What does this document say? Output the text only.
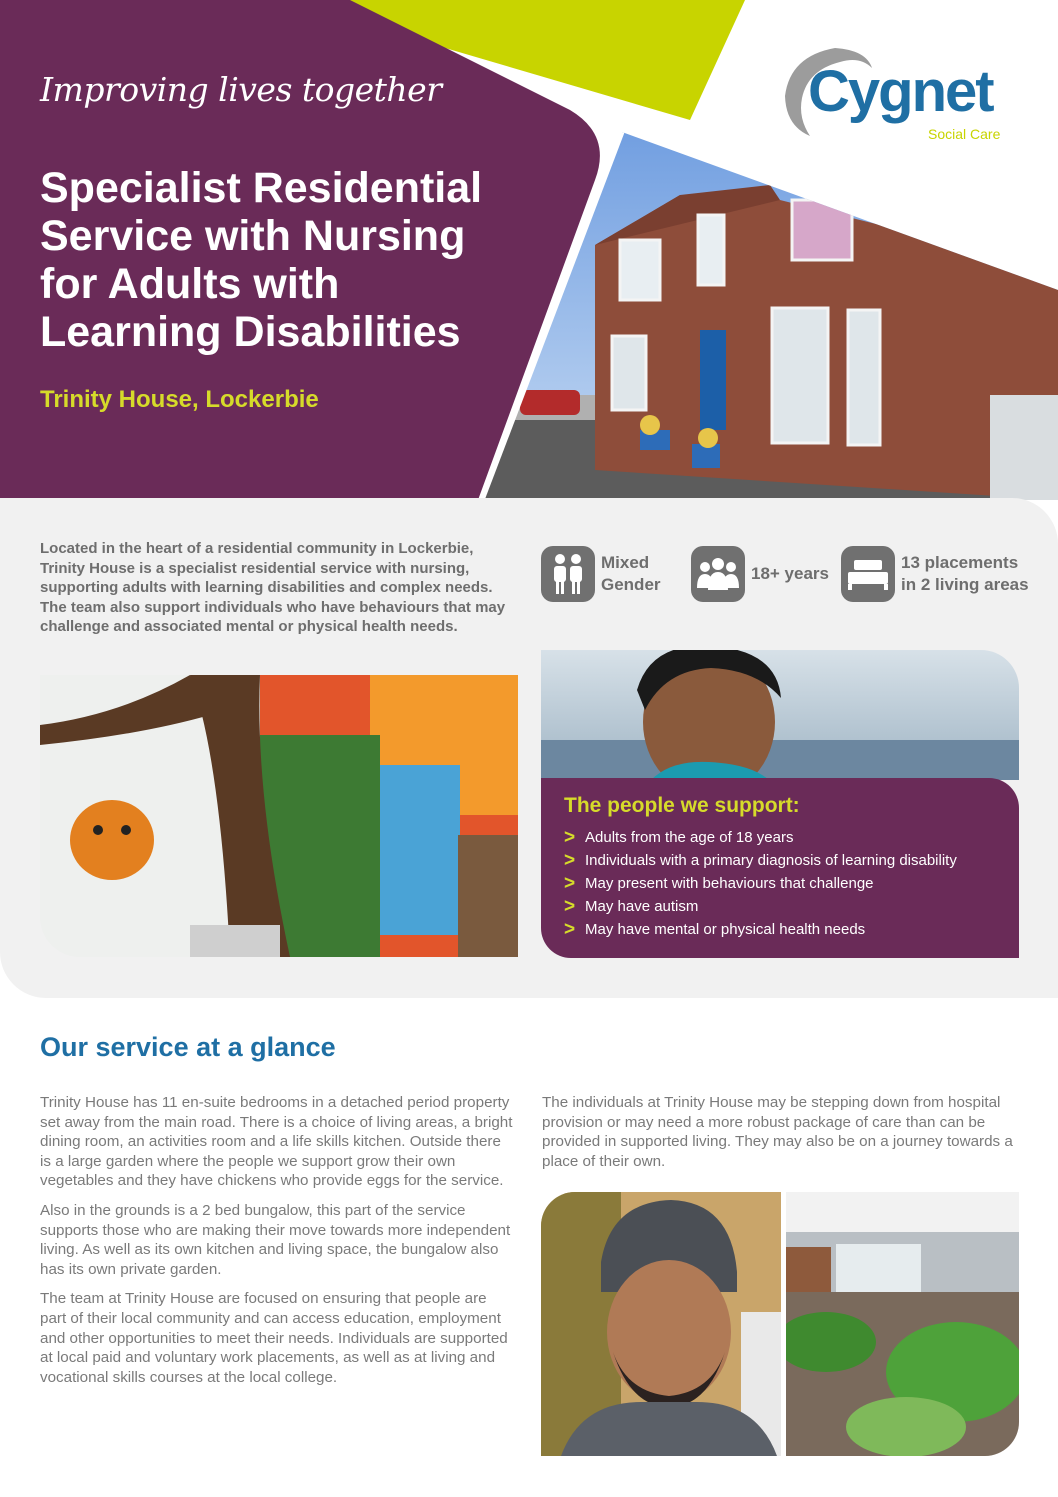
Improving lives together
Specialist Residential Service with Nursing for Adults with Learning Disabilities
Trinity House, Lockerbie
Cygnet
Social Care
Located in the heart of a residential community in Lockerbie, Trinity House is a specialist residential service with nursing, supporting adults with learning disabilities and complex needs. The team also support individuals who have behaviours that may challenge and associated mental or physical health needs.
Mixed
Gender
18+ years
13 placements
in 2 living areas
The people we support:
> Adults from the age of 18 years
> Individuals with a primary diagnosis of learning disability
> May present with behaviours that challenge
> May have autism
> May have mental or physical health needs
Our service at a glance

Trinity House has 11 en-suite bedrooms in a detached period property set away from the main road. There is a choice of living areas, a bright dining room, an activities room and a life skills kitchen. Outside there is a large garden where the people we support grow their own vegetables and they have chickens who provide eggs for the service.

Also in the grounds is a 2 bed bungalow, this part of the service supports those who are making their move towards more independent living. As well as its own kitchen and living space, the bungalow also has its own private garden.

The team at Trinity House are focused on ensuring that people are part of their local community and can access education, employment and other opportunities to meet their needs. Individuals are supported at local paid and voluntary work placements, as well as at living and vocational skills courses at the local college.

The individuals at Trinity House may be stepping down from hospital provision or may need a more robust package of care than can be provided in supported living. They may also be on a journey towards a place of their own.
